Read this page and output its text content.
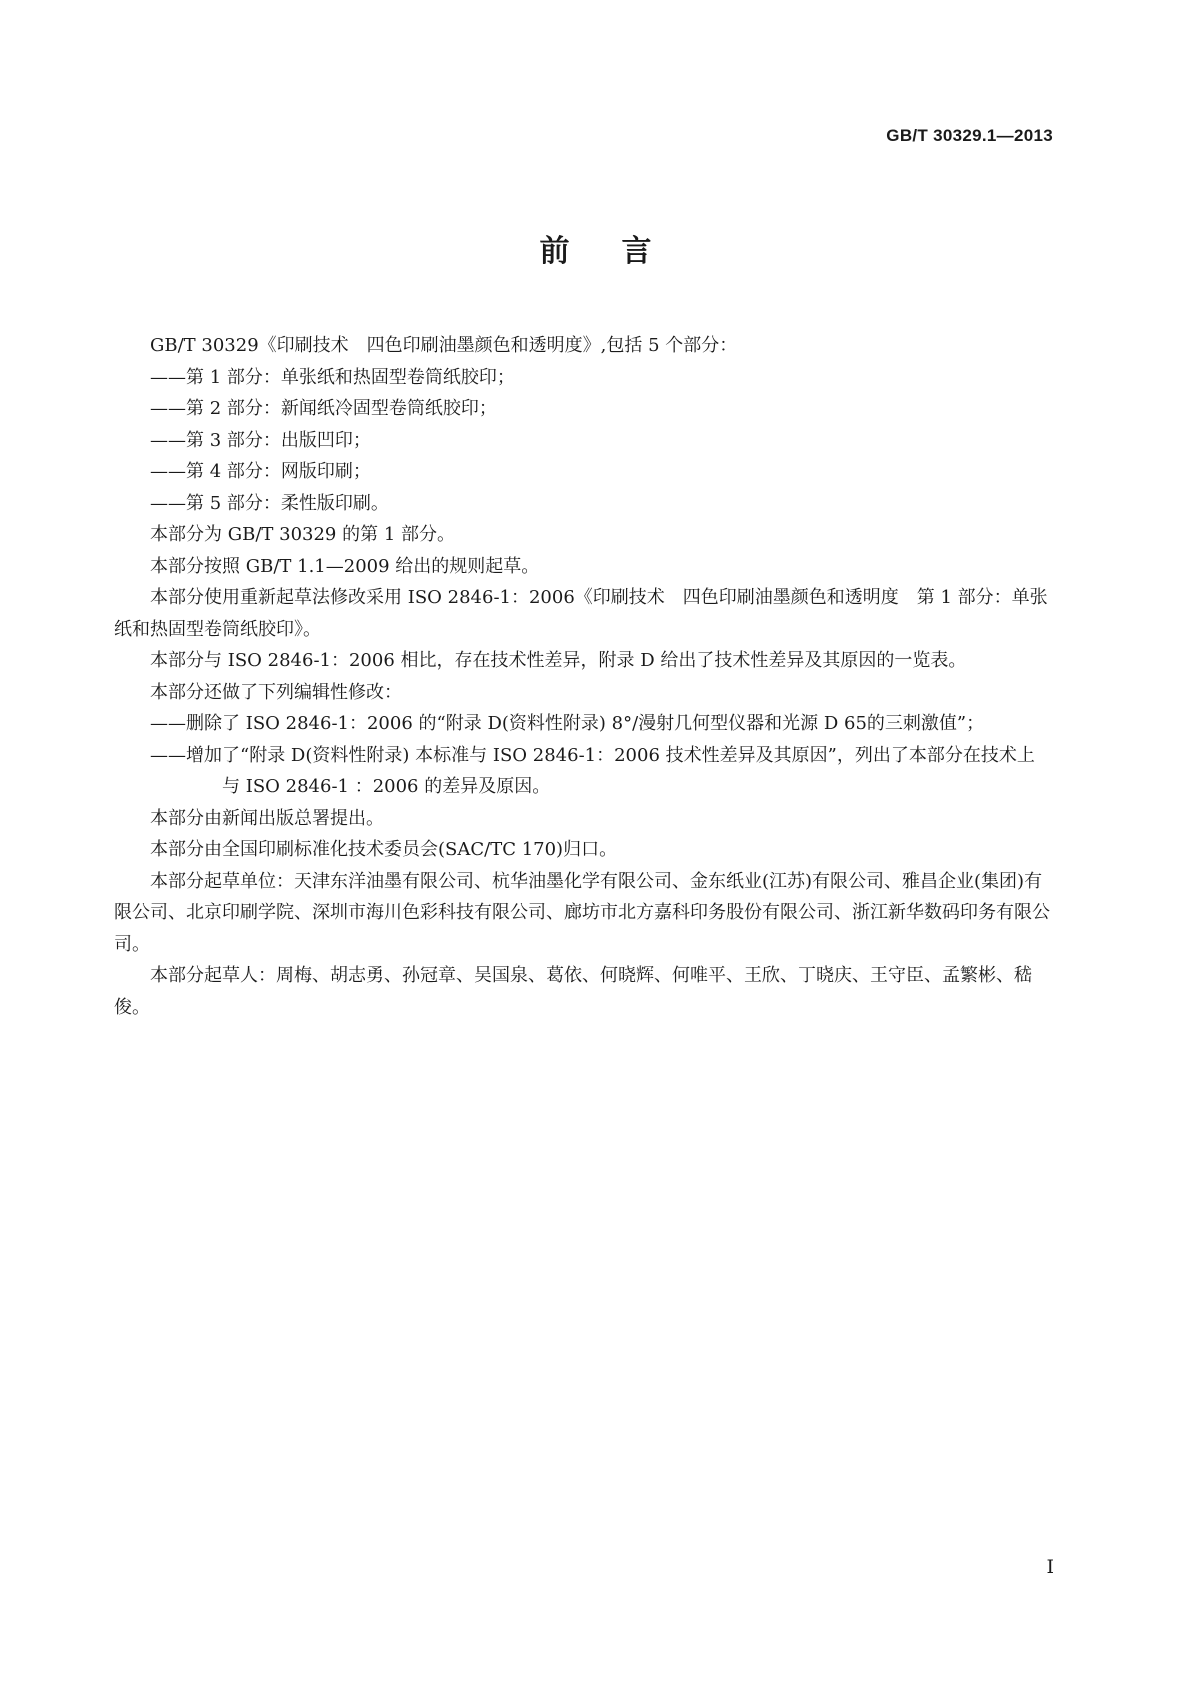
GB/T 30329.1—2013
前言

GB/T 30329《印刷技术　四色印刷油墨颜色和透明度》,包括 5 个部分：

——第 1 部分：单张纸和热固型卷筒纸胶印；

——第 2 部分：新闻纸冷固型卷筒纸胶印；

——第 3 部分：出版凹印；

——第 4 部分：网版印刷；

——第 5 部分：柔性版印刷。

本部分为 GB/T 30329 的第 1 部分。

本部分按照 GB/T 1.1—2009 给出的规则起草。

本部分使用重新起草法修改采用 ISO 2846-1：2006《印刷技术　四色印刷油墨颜色和透明度　第 1 部分：单张纸和热固型卷筒纸胶印》。

本部分与 ISO 2846-1：2006 相比，存在技术性差异，附录 D 给出了技术性差异及其原因的一览表。

本部分还做了下列编辑性修改：

——删除了 ISO 2846-1：2006 的“附录 D(资料性附录) 8°/漫射几何型仪器和光源 D 65的三刺激值”；

——增加了“附录 D(资料性附录) 本标准与 ISO 2846-1：2006 技术性差异及其原因”，列出了本部分在技术上与 ISO 2846-1 ：2006 的差异及原因。

本部分由新闻出版总署提出。

本部分由全国印刷标准化技术委员会(SAC/TC 170)归口。

本部分起草单位：天津东洋油墨有限公司、杭华油墨化学有限公司、金东纸业(江苏)有限公司、雅昌企业(集团)有限公司、北京印刷学院、深圳市海川色彩科技有限公司、廊坊市北方嘉科印务股份有限公司、浙江新华数码印务有限公司。

本部分起草人：周梅、胡志勇、孙冠章、吴国泉、葛依、何晓辉、何唯平、王欣、丁晓庆、王守臣、孟繁彬、嵇俊。

I
